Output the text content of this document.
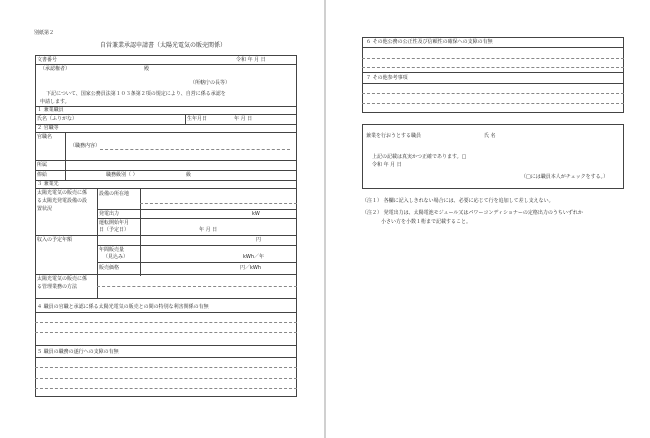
別紙第２
自営兼業承認申請書（太陽光電気の販売関係）
文書番号	令和 年 月 日
（承認権者）	殿
（所轄庁の長等）
下記について、国家公務員法第１０３条第２項の規定により、自営に係る承認を
申請します。
１ 兼業職員
氏名（ふりがな）	生年月日	年 月 日
２ 官職等
官職名
（職務内容）
所属
俸給	職務級別（ ）	級
３ 兼業先
太陽光電気の販売に係
る太陽光発電設備の設
置状況
設備の所在地
発電出力	kW
運転開始年月
日（予定日）	年 月 日
収入の予定年額	円
年間販売量
（見込み）	kWh／年
販売価格	円／kWh
太陽光電気の販売に係
る管理業務の方法
４ 職員の官職と承認に係る太陽光電気の販売との間の特別な利害関係の有無
５ 職員の職務の遂行への支障の有無
６ その他公務の公正性及び信頼性の確保への支障の有無
７ その他参考事項
兼業を行おうとする職員	氏 名
上記の記載は真実かつ正確であります。□
令和 年 月 日
（□には職員本人がチェックをする。）
（注１） 各欄に記入しきれない場合には、必要に応じて行を追加して差し支えない。
（注２） 発電出力は、太陽電池モジュール又はパワーコンディショナーの定格出力のうちいずれか
小さい方を小数１桁まで記載すること。
